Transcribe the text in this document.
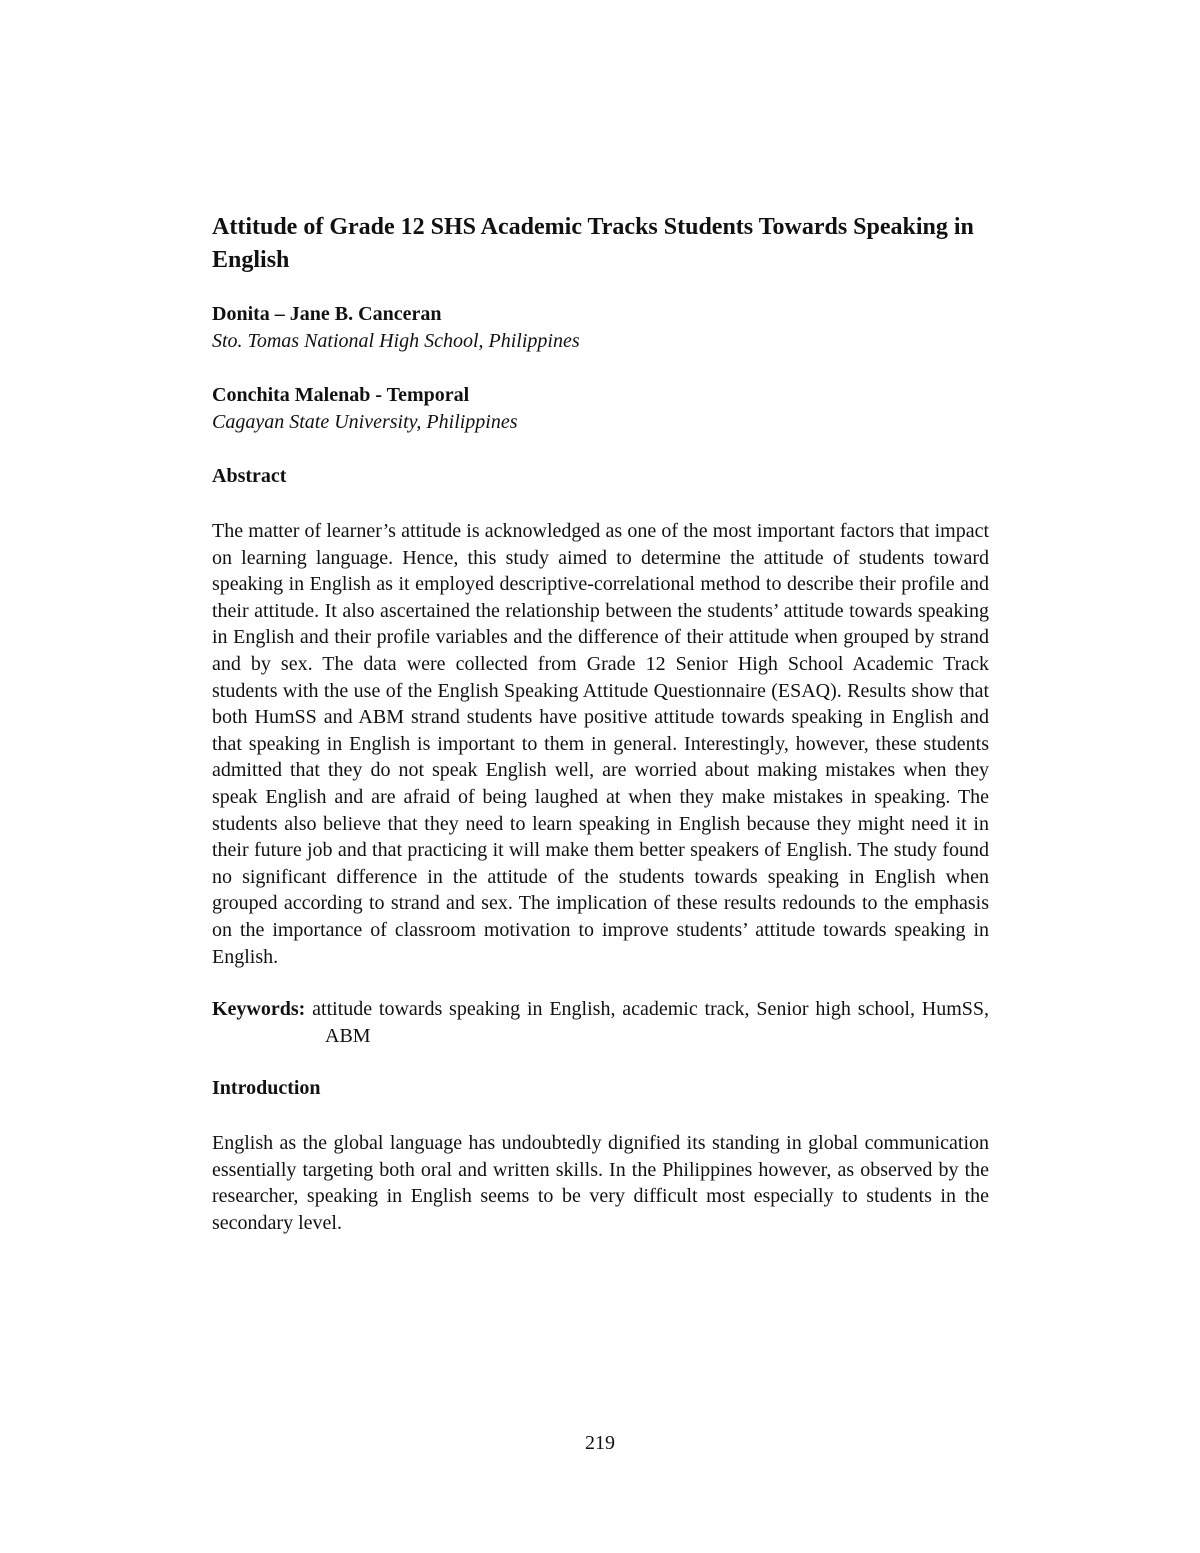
Attitude of Grade 12 SHS Academic Tracks Students Towards Speaking in English
Donita – Jane B. Canceran
Sto. Tomas National High School, Philippines
Conchita Malenab - Temporal
Cagayan State University, Philippines
Abstract

The matter of learner’s attitude is acknowledged as one of the most important factors that impact on learning language. Hence, this study aimed to determine the attitude of students toward speaking in English as it employed descriptive-correlational method to describe their profile and their attitude. It also ascertained the relationship between the students’ attitude towards speaking in English and their profile variables and the difference of their attitude when grouped by strand and by sex. The data were collected from Grade 12 Senior High School Academic Track students with the use of the English Speaking Attitude Questionnaire (ESAQ). Results show that both HumSS and ABM strand students have positive attitude towards speaking in English and that speaking in English is important to them in general. Interestingly, however, these students admitted that they do not speak English well, are worried about making mistakes when they speak English and are afraid of being laughed at when they make mistakes in speaking. The students also believe that they need to learn speaking in English because they might need it in their future job and that practicing it will make them better speakers of English. The study found no significant difference in the attitude of the students towards speaking in English when grouped according to strand and sex. The implication of these results redounds to the emphasis on the importance of classroom motivation to improve students’ attitude towards speaking in English.

Keywords: attitude towards speaking in English, academic track, Senior high school, HumSS, ABM

Introduction

English as the global language has undoubtedly dignified its standing in global communication essentially targeting both oral and written skills. In the Philippines however, as observed by the researcher, speaking in English seems to be very difficult most especially to students in the secondary level.

219
